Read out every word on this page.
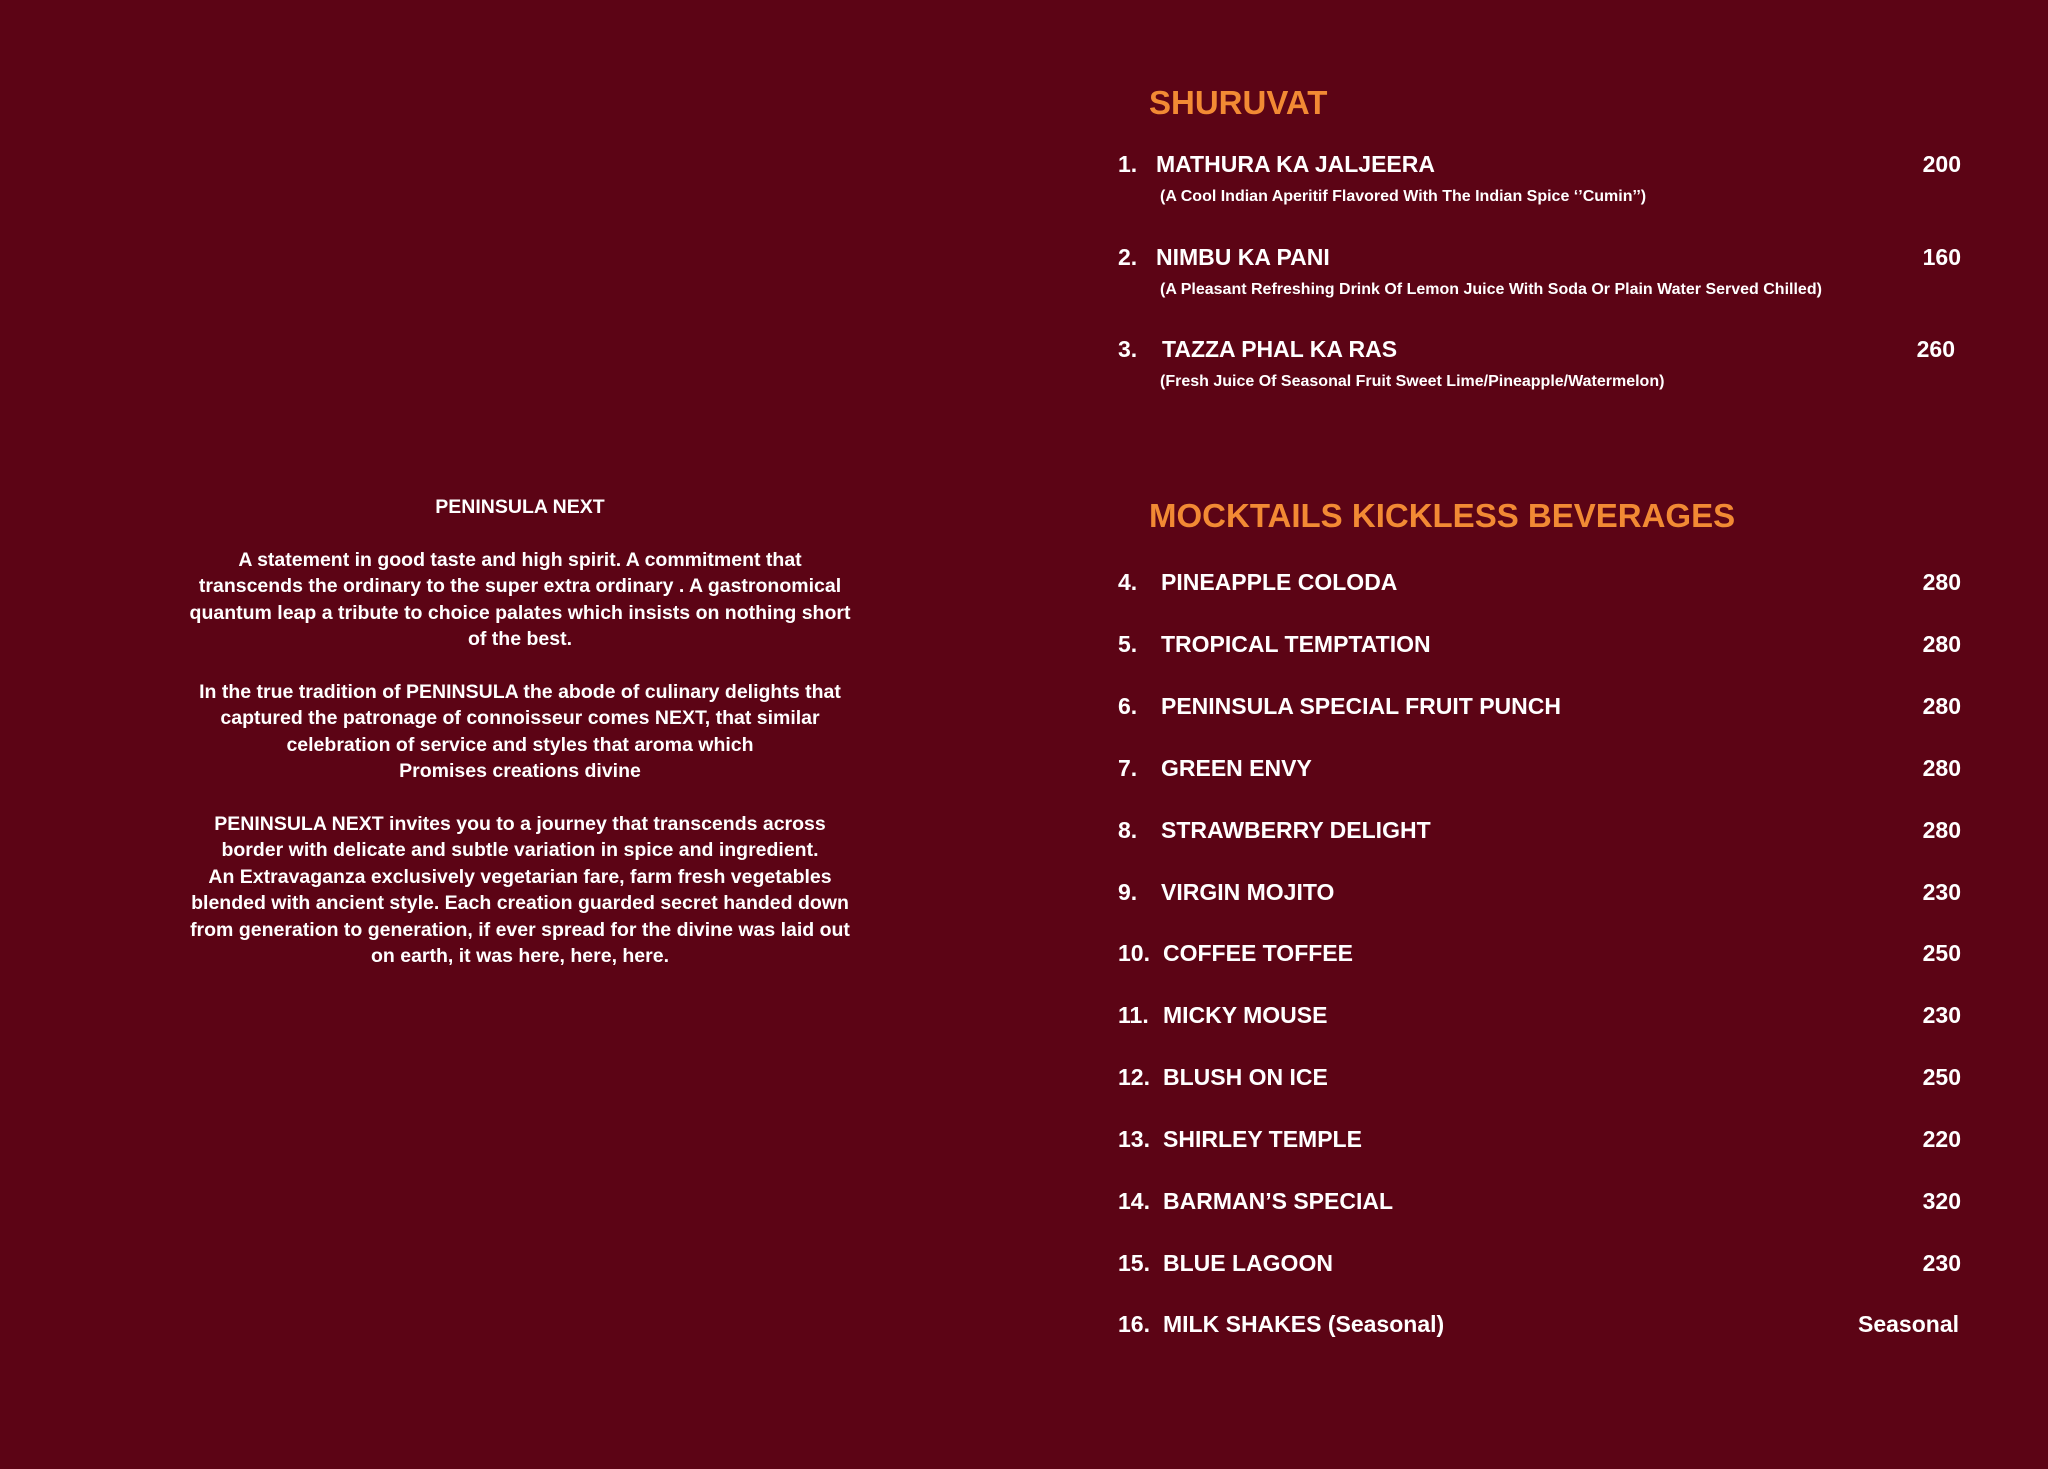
PENINSULA NEXT
A statement in good taste and high spirit. A commitment that
transcends the ordinary to the super extra ordinary . A gastronomical
quantum leap a tribute to choice palates which insists on nothing short
of the best.
In the true tradition of PENINSULA the abode of culinary delights that
captured the patronage of connoisseur comes NEXT, that similar
celebration of service and styles that aroma which
Promises creations divine
PENINSULA NEXT invites you to a journey that transcends across
border with delicate and subtle variation in spice and ingredient.
An Extravaganza exclusively vegetarian fare, farm fresh vegetables
blended with ancient style. Each creation guarded secret handed down
from generation to generation, if ever spread for the divine was laid out
on earth, it was here, here, here.
SHURUVAT
1. MATHURA KA JALJEERA	200
(A Cool Indian Aperitif Flavored With The Indian Spice ‘’Cumin’’)
2. NIMBU KA PANI	160
(A Pleasant Refreshing Drink Of Lemon Juice With Soda Or Plain Water Served Chilled)
3. TAZZA PHAL KA RAS	260
(Fresh Juice Of Seasonal Fruit Sweet Lime/Pineapple/Watermelon)
MOCKTAILS KICKLESS BEVERAGES
4. PINEAPPLE COLODA	280
5. TROPICAL TEMPTATION	280
6. PENINSULA SPECIAL FRUIT PUNCH	280
7. GREEN ENVY	280
8. STRAWBERRY DELIGHT	280
9. VIRGIN MOJITO	230
10. COFFEE TOFFEE	250
11. MICKY MOUSE	230
12. BLUSH ON ICE	250
13. SHIRLEY TEMPLE	220
14. BARMAN’S SPECIAL	320
15. BLUE LAGOON	230
16. MILK SHAKES (Seasonal)	Seasonal
